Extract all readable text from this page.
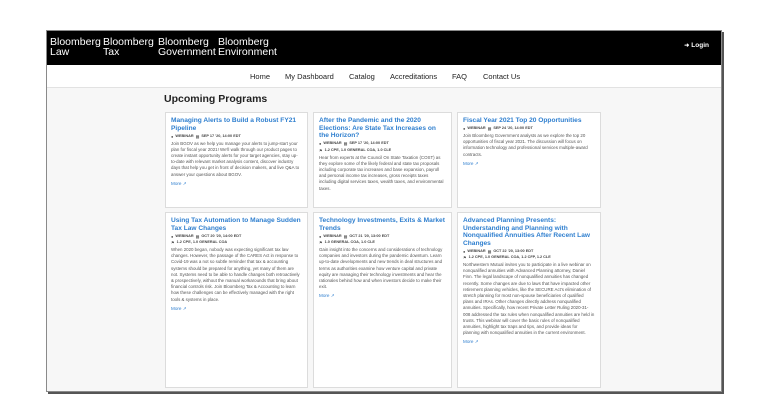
Bloomberg
Law
Bloomberg
Tax
Bloomberg
Government
Bloomberg
Environment	➜ Login
Home My Dashboard Catalog Accreditations FAQ Contact Us
Upcoming Programs
Managing Alerts to Build a Robust FY21 Pipeline
● WEBINAR ▩ SEP 17 '20, 14:00 EDT
Join BGOV as we help you manage your alerts to jump-start your plan for fiscal year 2021! We'll walk through our product pages to create instant opportunity alerts for your target agencies, stay up-to-date with relevant market analysis content, discover industry days that help you get in front of decision makers, and live Q&A to answer your questions about BGOV.
More ↗
After the Pandemic and the 2020 Elections: Are State Tax Increases on the Horizon?
● WEBINAR ▩ SEP 17 '20, 14:00 EDT
⚑ 1.2 CPE, 1.0 GENERAL COA, 1.0 CLE
Hear from experts at the Council On State Taxation (COST) as they explore some of the likely federal and state tax proposals including corporate tax increases and base expansion, payroll and personal income tax increases, gross receipts taxes including digital services taxes, wealth taxes, and environmental taxes.
Fiscal Year 2021 Top 20 Opportunities
● WEBINAR ▩ SEP 24 '20, 14:00 EDT
Join Bloomberg Government analysts as we explore the top 20 opportunities of fiscal year 2021. The discussion will focus on information technology and professional services multiple-award contracts.
More ↗
Using Tax Automation to Manage Sudden Tax Law Changes
● WEBINAR ▩ OCT 20 '20, 14:00 EDT
⚑ 1.2 CPE, 1.0 GENERAL COA
When 2020 began, nobody was expecting significant tax law changes. However, the passage of the CARES Act in response to Covid-19 was a not so subtle reminder that tax & accounting systems should be prepared for anything, yet many of them are not. Systems need to be able to handle changes both retroactively & prospectively, without the manual workarounds that bring about financial controls risk. Join Bloomberg Tax & Accounting to learn how these challenges can be effectively managed with the right tools & systems in place.
More ↗
Technology Investments, Exits & Market Trends
● WEBINAR ▩ OCT 21 '20, 13:00 EDT
⚑ 1.0 GENERAL COA, 1.0 CLE
Gain insight into the concerns and considerations of technology companies and investors during the pandemic downturn. Learn up-to-date developments and new trends in deal structures and terms as authorities examine how venture capital and private equity are managing their technology investments and hear the rationales behind how and when investors decide to make their exit.
More ↗
Advanced Planning Presents: Understanding and Planning with Nonqualified Annuities After Recent Law Changes
● WEBINAR ▩ OCT 22 '20, 13:00 EDT
⚑ 1.2 CPE, 1.0 GENERAL COA, 1.2 CFP, 1.2 CLE
Northwestern Mutual invites you to participate in a live webinar on nonqualified annuities with Advanced Planning attorney, Daniel Finn. The legal landscape of nonqualified annuities has changed recently. Some changes are due to laws that have impacted other retirement planning vehicles, like the SECURE Act's elimination of stretch planning for most non-spouse beneficiaries of qualified plans and IRAs. Other changes directly address nonqualified annuities. Specifically, how recent Private Letter Ruling 2020-31-008 addressed the tax rules when nonqualified annuities are held in trusts. This webinar will cover the basic rules of nonqualified annuities, highlight tax traps and tips, and provide ideas for planning with nonqualified annuities in the current environment.
More ↗
